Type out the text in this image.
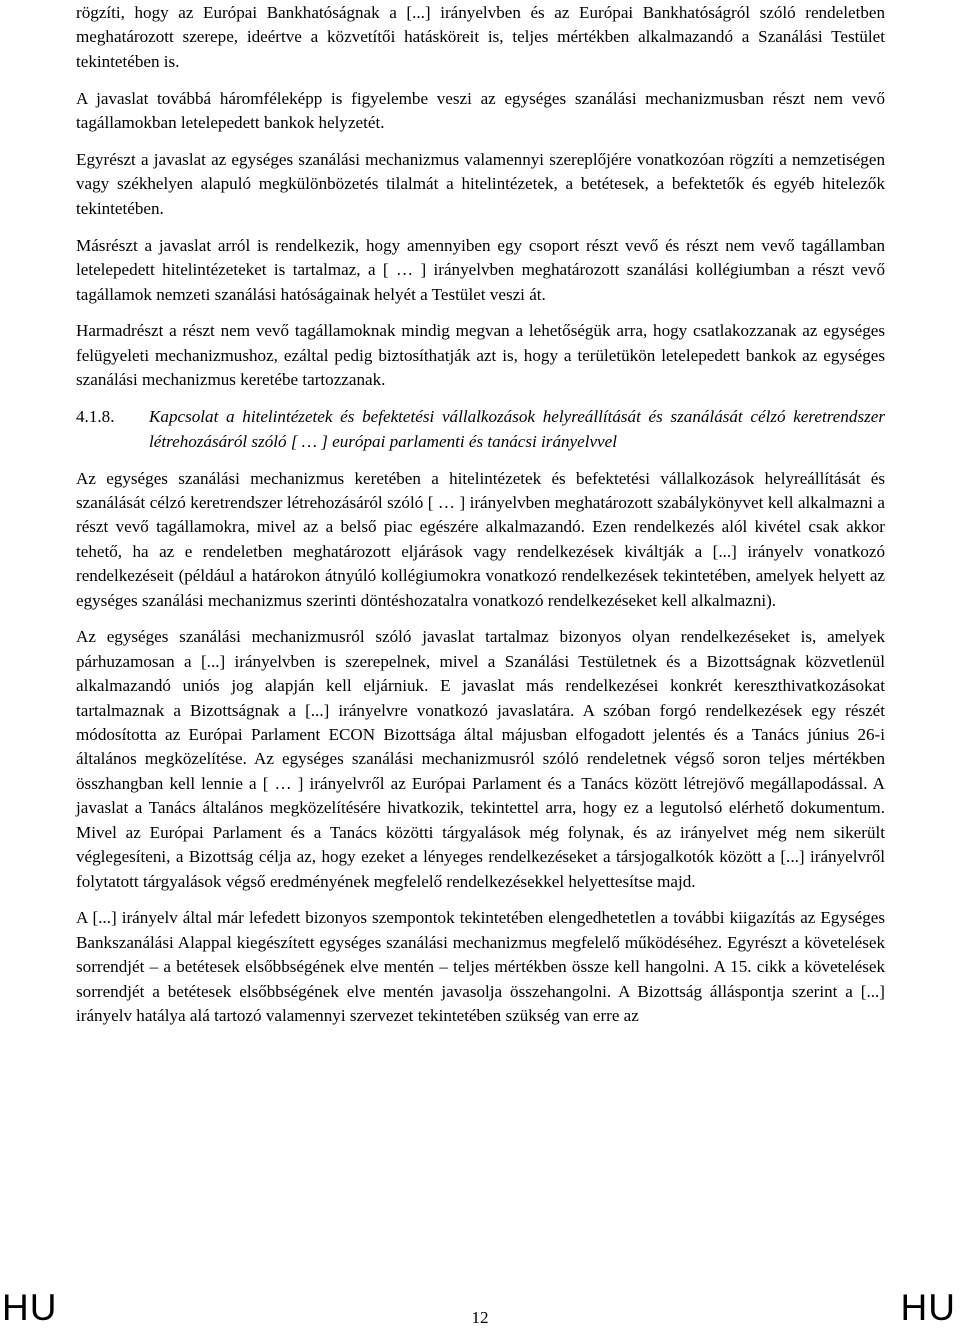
rögzíti, hogy az Európai Bankhatóságnak a [...] irányelvben és az Európai Bankhatóságról szóló rendeletben meghatározott szerepe, ideértve a közvetítői hatásköreit is, teljes mértékben alkalmazandó a Szanálási Testület tekintetében is.

A javaslat továbbá háromféleképp is figyelembe veszi az egységes szanálási mechanizmusban részt nem vevő tagállamokban letelepedett bankok helyzetét.

Egyrészt a javaslat az egységes szanálási mechanizmus valamennyi szereplőjére vonatkozóan rögzíti a nemzetiségen vagy székhelyen alapuló megkülönbözetés tilalmát a hitelintézetek, a betétesek, a befektetők és egyéb hitelezők tekintetében.

Másrészt a javaslat arról is rendelkezik, hogy amennyiben egy csoport részt vevő és részt nem vevő tagállamban letelepedett hitelintézeteket is tartalmaz, a [ … ] irányelvben meghatározott szanálási kollégiumban a részt vevő tagállamok nemzeti szanálási hatóságainak helyét a Testület veszi át.

Harmadrészt a részt nem vevő tagállamoknak mindig megvan a lehetőségük arra, hogy csatlakozzanak az egységes felügyeleti mechanizmushoz, ezáltal pedig biztosíthatják azt is, hogy a területükön letelepedett bankok az egységes szanálási mechanizmus keretébe tartozzanak.

4.1.8.	Kapcsolat a hitelintézetek és befektetési vállalkozások helyreállítását és szanálását célzó keretrendszer létrehozásáról szóló [ … ] európai parlamenti és tanácsi irányelvvel

Az egységes szanálási mechanizmus keretében a hitelintézetek és befektetési vállalkozások helyreállítását és szanálását célzó keretrendszer létrehozásáról szóló [ … ] irányelvben meghatározott szabálykönyvet kell alkalmazni a részt vevő tagállamokra, mivel az a belső piac egészére alkalmazandó. Ezen rendelkezés alól kivétel csak akkor tehető, ha az e rendeletben meghatározott eljárások vagy rendelkezések kiváltják a [...] irányelv vonatkozó rendelkezéseit (például a határokon átnyúló kollégiumokra vonatkozó rendelkezések tekintetében, amelyek helyett az egységes szanálási mechanizmus szerinti döntéshozatalra vonatkozó rendelkezéseket kell alkalmazni).

Az egységes szanálási mechanizmusról szóló javaslat tartalmaz bizonyos olyan rendelkezéseket is, amelyek párhuzamosan a [...] irányelvben is szerepelnek, mivel a Szanálási Testületnek és a Bizottságnak közvetlenül alkalmazandó uniós jog alapján kell eljárniuk. E javaslat más rendelkezései konkrét kereszthivatkozásokat tartalmaznak a Bizottságnak a [...] irányelvre vonatkozó javaslatára. A szóban forgó rendelkezések egy részét módosította az Európai Parlament ECON Bizottsága által májusban elfogadott jelentés és a Tanács június 26-i általános megközelítése. Az egységes szanálási mechanizmusról szóló rendeletnek végső soron teljes mértékben összhangban kell lennie a [ … ] irányelvről az Európai Parlament és a Tanács között létrejövő megállapodással. A javaslat a Tanács általános megközelítésére hivatkozik, tekintettel arra, hogy ez a legutolsó elérhető dokumentum. Mivel az Európai Parlament és a Tanács közötti tárgyalások még folynak, és az irányelvet még nem sikerült véglegesíteni, a Bizottság célja az, hogy ezeket a lényeges rendelkezéseket a társjogalkotók között a [...] irányelvről folytatott tárgyalások végső eredményének megfelelő rendelkezésekkel helyettesítse majd.

A [...] irányelv által már lefedett bizonyos szempontok tekintetében elengedhetetlen a további kiigazítás az Egységes Bankszanálási Alappal kiegészített egységes szanálási mechanizmus megfelelő működéséhez. Egyrészt a követelések sorrendjét – a betétesek elsőbbségének elve mentén – teljes mértékben össze kell hangolni. A 15. cikk a követelések sorrendjét a betétesek elsőbbségének elve mentén javasolja összehangolni. A Bizottság álláspontja szerint a [...] irányelv hatálya alá tartozó valamennyi szervezet tekintetében szükség van erre az

HU	12	HU
